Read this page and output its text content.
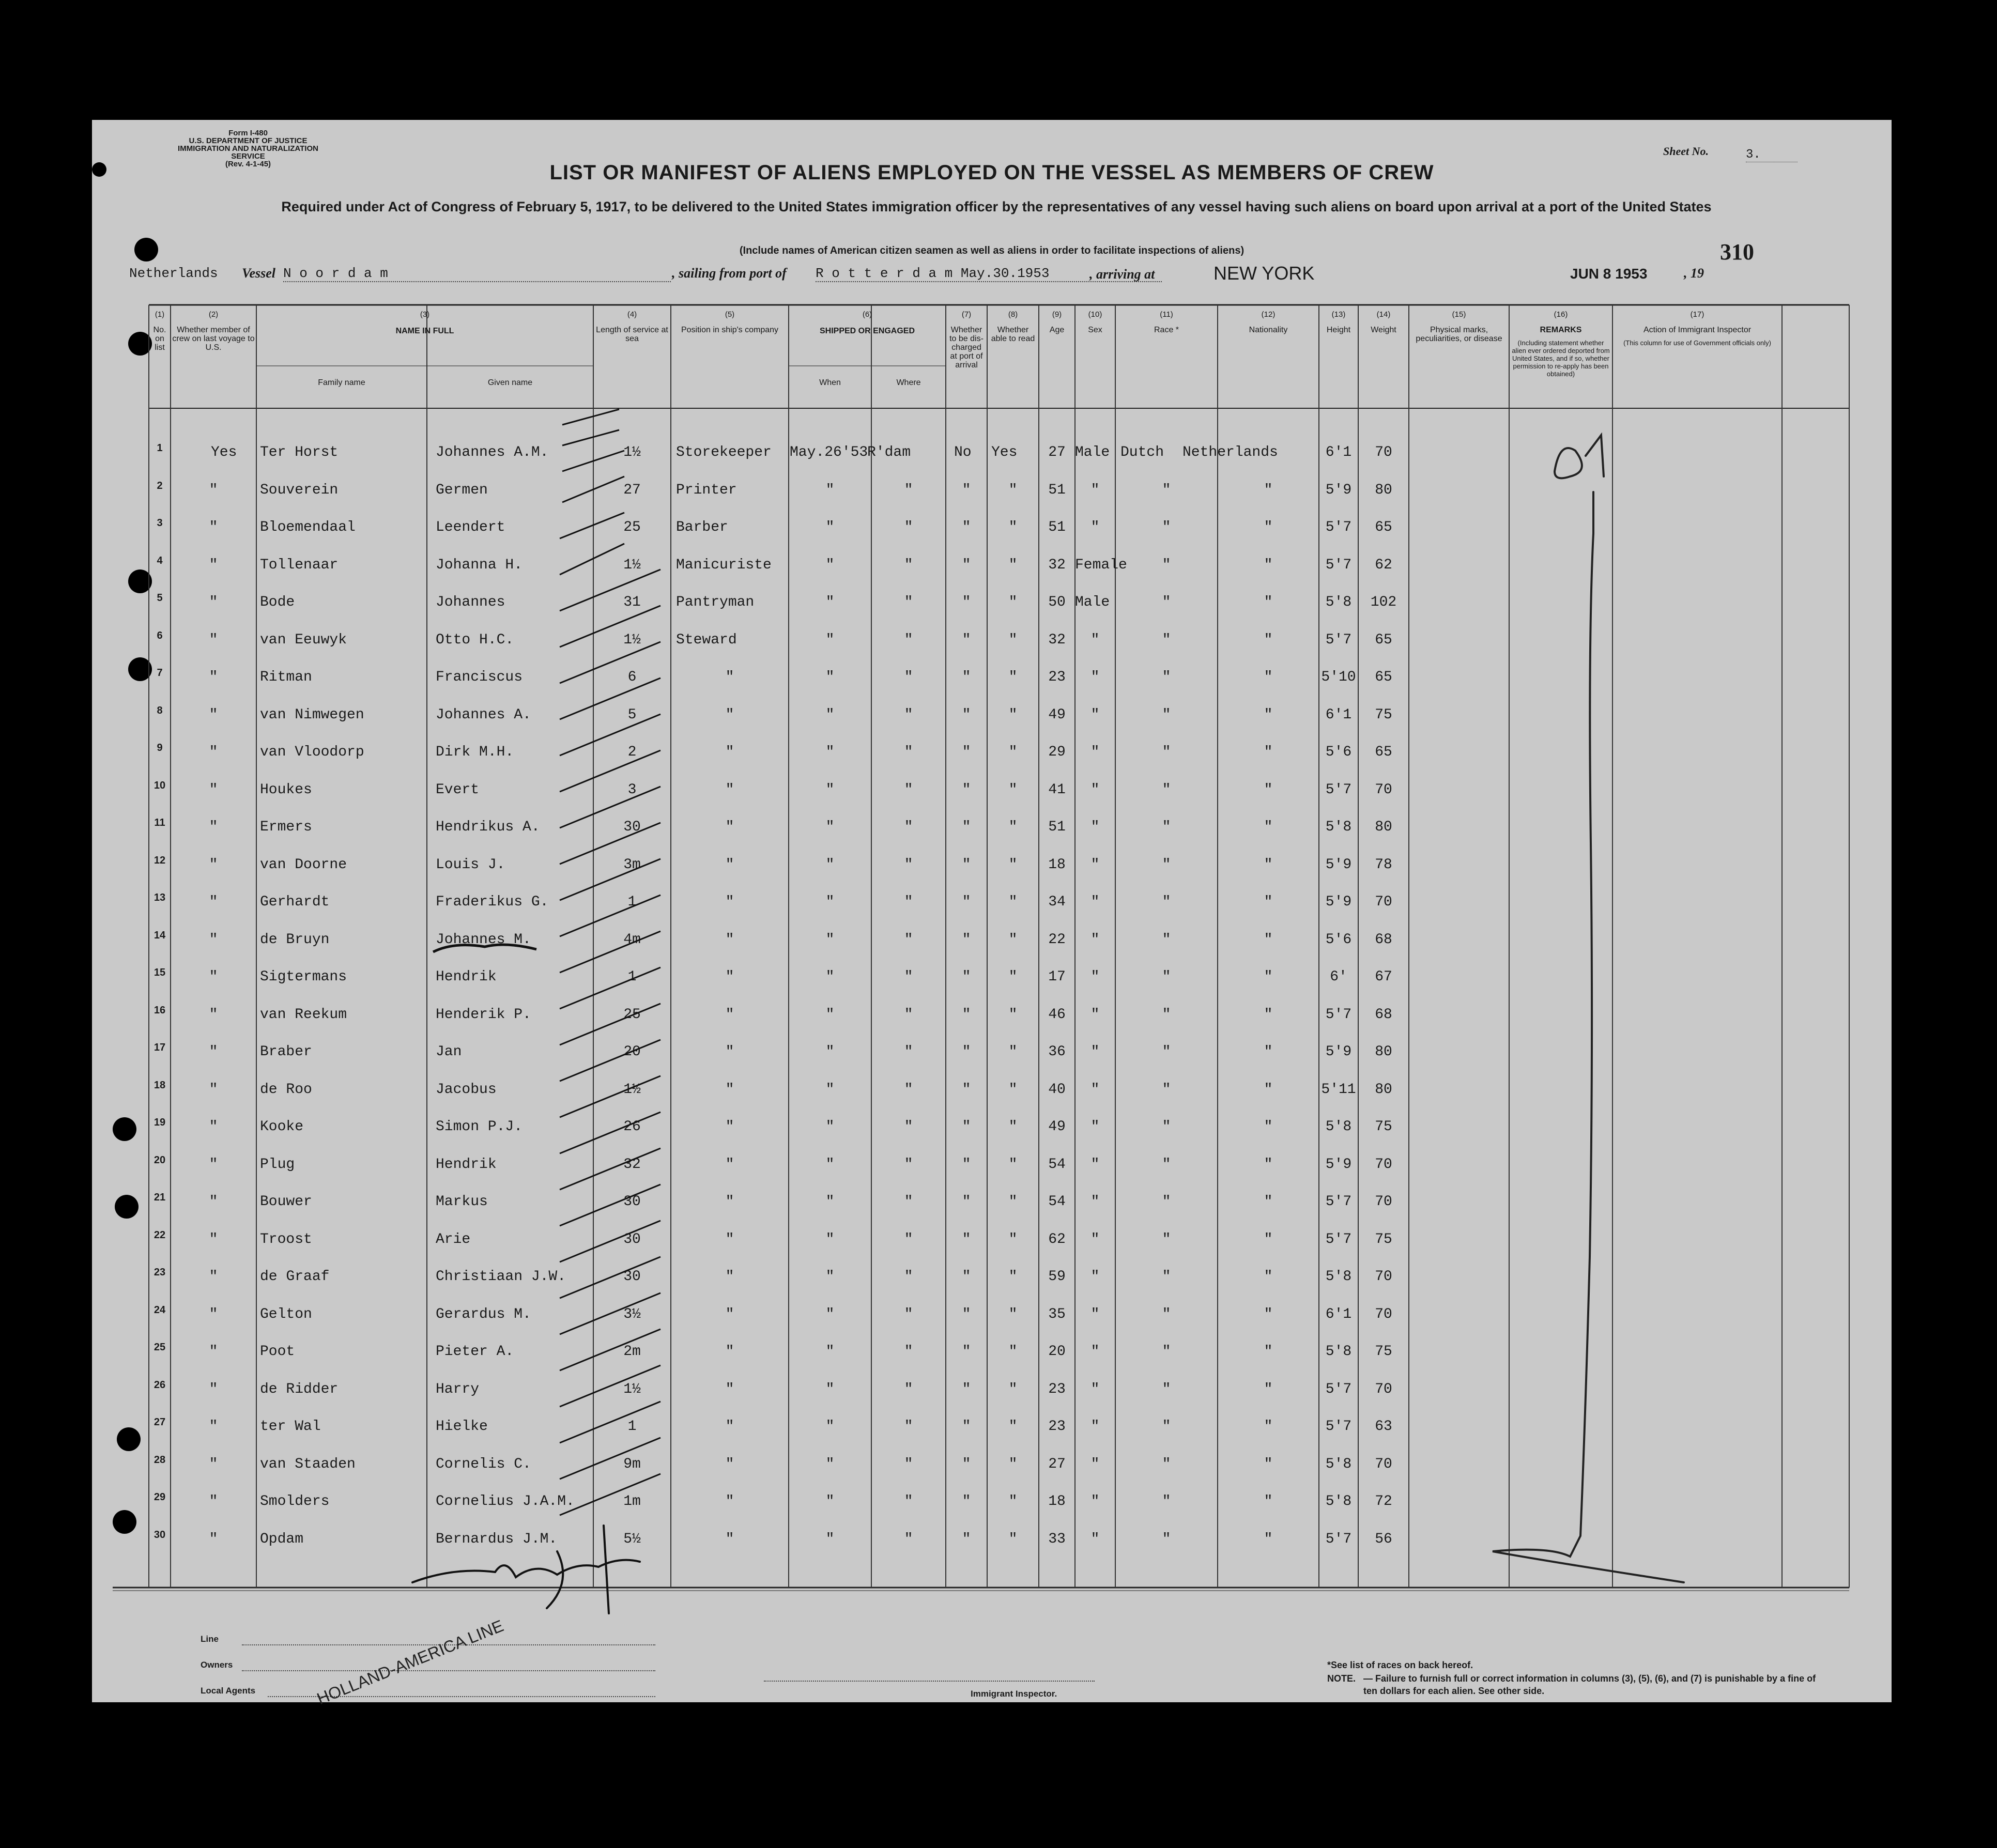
Form I-480
U.S. DEPARTMENT OF JUSTICE
IMMIGRATION AND NATURALIZATION SERVICE
(Rev. 4-1-45)
Sheet No.	3.
LIST OR MANIFEST OF ALIENS EMPLOYED ON THE VESSEL AS MEMBERS OF CREW
Required under Act of Congress of February 5, 1917, to be delivered to the United States immigration officer by the representatives of any vessel having such aliens on board upon arrival at a port of the United States
(Include names of American citizen seamen as well as aliens in order to facilitate inspections of aliens)	310
Netherlands Vessel N o o r d a m	, sailing from port of R o t t e r d a m May.30.1953	, arriving at	NEW YORK	JUN 8 1953	, 19
(1)
No. on list
(2)
Whether member of crew on last voyage to U.S.
(3)
NAME IN FULL
Family name	Given name
(4)
Length of service at sea
(5)
Position in ship's company
(6)
SHIPPED OR ENGAGED
When	Where
(7)
Whether to be dis-charged at port of arrival
(8)
Whether able to read
(9)
Age
(10)
Sex
(11)
Race *
(12)
Nationality
(13)
Height
(14)
Weight
(15)
Physical marks, peculiarities, or disease
(16)
REMARKS
(Including statement whether alien ever ordered deported from United States, and if so, whether permission to re-apply has been obtained)
(17)
Action of Immigrant Inspector
(This column for use of Government officials only)
1	Yes Ter Horst	Johannes A.M.	1½	Storekeeper May.26'53
R'dam	No Yes	27 Male Dutch Netherlands	6'1	70
2	"	Souverein	Germen	27	Printer	"	"	"	"	51	"	"	"	5'9	80
3	"	Bloemendaal	Leendert	25	Barber	"	"	"	"	51	"	"	"	5'7	65
4	"	Tollenaar	Johanna H.	1½	Manicuriste	"	"	"	"	32 Female	"	"	5'7	62
5	"	Bode	Johannes	31	Pantryman	"	"	"	"	50 Male	"	"	5'8	102
6	"	van Eeuwyk	Otto H.C.	1½	Steward	"	"	"	"	32	"	"	"	5'7	65
7	"	Ritman	Franciscus	6	"	"	"	"	"	23	"	"	"	5'10	65
8	"	van Nimwegen	Johannes A.	5	"	"	"	"	"	49	"	"	"	6'1	75
9	"	van Vloodorp	Dirk M.H.	2	"	"	"	"	"	29	"	"	"	5'6	65
10	"	Houkes	Evert	3	"	"	"	"	"	41	"	"	"	5'7	70
11	"	Ermers	Hendrikus A.	30	"	"	"	"	"	51	"	"	"	5'8	80
12	"	van Doorne	Louis J.	3m	"	"	"	"	"	18	"	"	"	5'9	78
13	"	Gerhardt	Fraderikus G.	1	"	"	"	"	"	34	"	"	"	5'9	70
14	"	de Bruyn	Johannes M.	4m	"	"	"	"	"	22	"	"	"	5'6	68
15	"	Sigtermans	Hendrik	1	"	"	"	"	"	17	"	"	"	6'	67
16	"	van Reekum	Henderik P.	25	"	"	"	"	"	46	"	"	"	5'7	68
17	"	Braber	Jan	20	"	"	"	"	"	36	"	"	"	5'9	80
18	"	de Roo	Jacobus	1½	"	"	"	"	"	40	"	"	"	5'11	80
19	"	Kooke	Simon P.J.	26	"	"	"	"	"	49	"	"	"	5'8	75
20	"	Plug	Hendrik	32	"	"	"	"	"	54	"	"	"	5'9	70
21	"	Bouwer	Markus	30	"	"	"	"	"	54	"	"	"	5'7	70
22	"	Troost	Arie	30	"	"	"	"	"	62	"	"	"	5'7	75
23	"	de Graaf	Christiaan J.W.	30	"	"	"	"	"	59	"	"	"	5'8	70
24	"	Gelton	Gerardus M.	3½	"	"	"	"	"	35	"	"	"	6'1	70
25	"	Poot	Pieter A.	2m	"	"	"	"	"	20	"	"	"	5'8	75
26	"	de Ridder	Harry	1½	"	"	"	"	"	23	"	"	"	5'7	70
27	"	ter Wal	Hielke	1	"	"	"	"	"	23	"	"	"	5'7	63
28	"	van Staaden	Cornelis C.	9m	"	"	"	"	"	27	"	"	"	5'8	70
29	"	Smolders	Cornelius J.A.M.	1m	"	"	"	"	"	18	"	"	"	5'8	72
30	"	Opdam	Bernardus J.M.	5½	"	"	"	"	"	33	"	"	"	5'7	56
Line
Owners
Local Agents	HOLLAND-AMERICA LINE	Immigrant Inspector.
*See list of races on back hereof.
NOTE. — Failure to furnish full or correct information in columns (3), (5), (6), and (7) is punishable by a fine of ten dollars for each alien. See other side.
